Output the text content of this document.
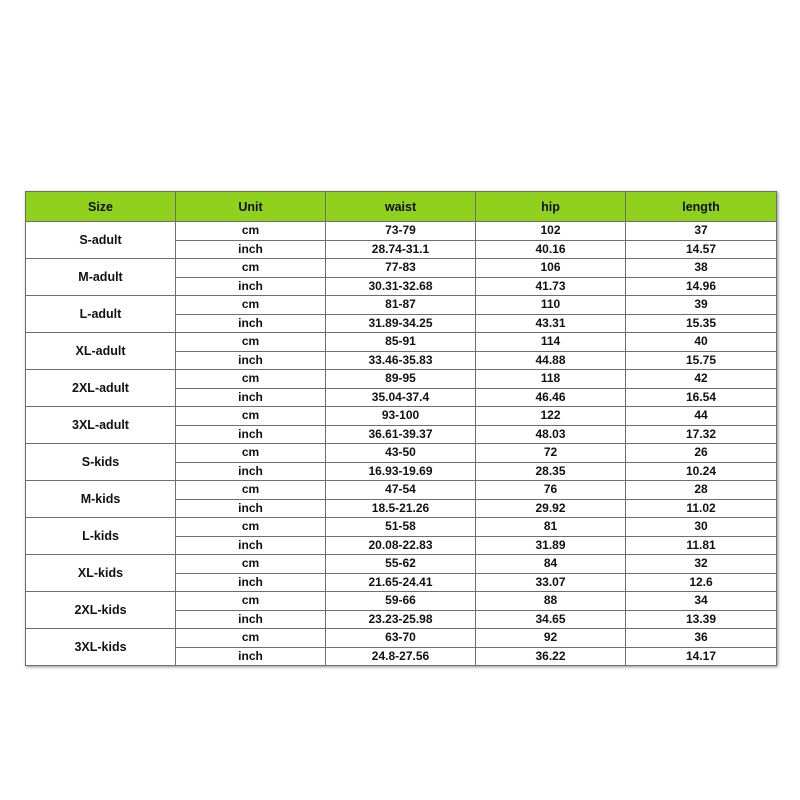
Size	Unit	waist	hip	length
S-adult	cm	73-79	102	37
	inch	28.74-31.1	40.16	14.57
M-adult	cm	77-83	106	38
	inch	30.31-32.68	41.73	14.96
L-adult	cm	81-87	110	39
	inch	31.89-34.25	43.31	15.35
XL-adult	cm	85-91	114	40
	inch	33.46-35.83	44.88	15.75
2XL-adult	cm	89-95	118	42
	inch	35.04-37.4	46.46	16.54
3XL-adult	cm	93-100	122	44
	inch	36.61-39.37	48.03	17.32
S-kids	cm	43-50	72	26
	inch	16.93-19.69	28.35	10.24
M-kids	cm	47-54	76	28
	inch	18.5-21.26	29.92	11.02
L-kids	cm	51-58	81	30
	inch	20.08-22.83	31.89	11.81
XL-kids	cm	55-62	84	32
	inch	21.65-24.41	33.07	12.6
2XL-kids	cm	59-66	88	34
	inch	23.23-25.98	34.65	13.39
3XL-kids	cm	63-70	92	36
	inch	24.8-27.56	36.22	14.17
